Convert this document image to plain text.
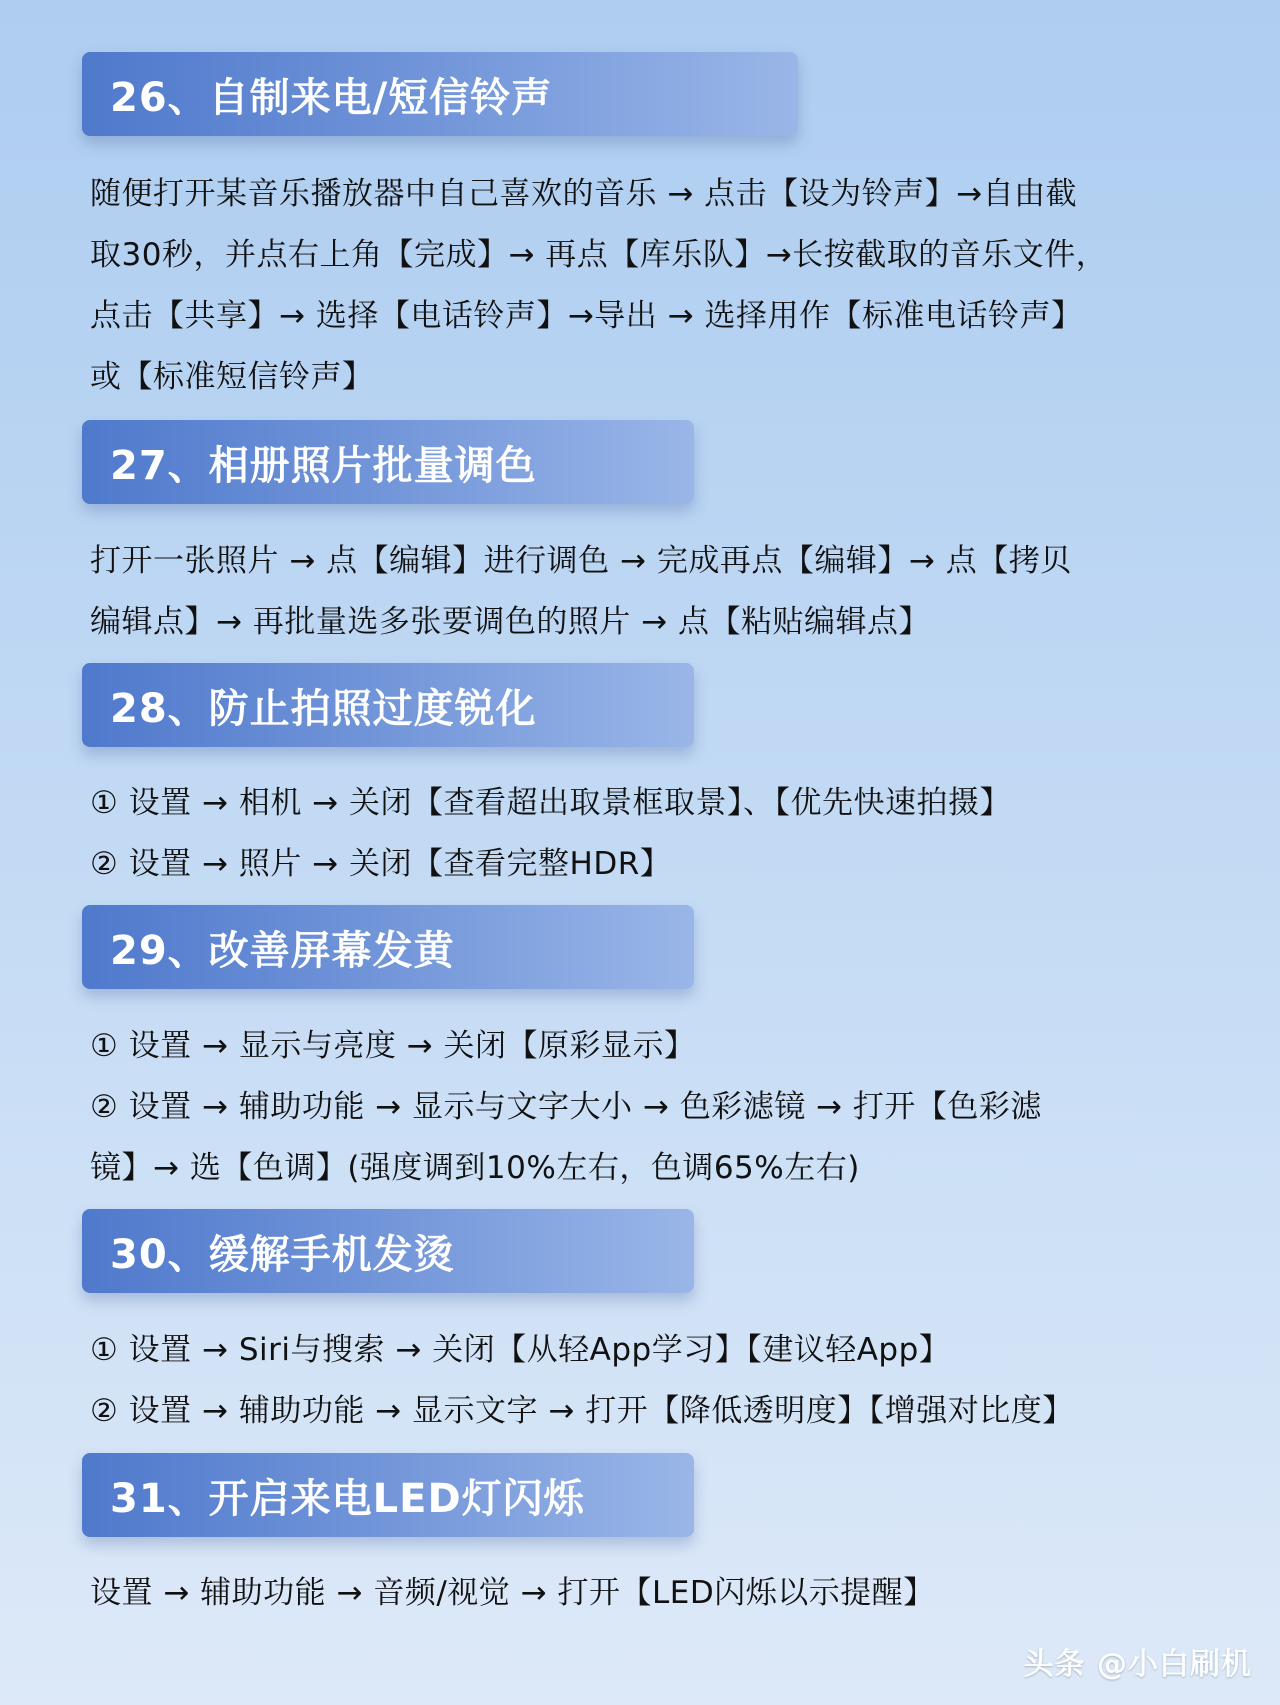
26、自制来电/短信铃声

随便打开某音乐播放器中自己喜欢的音乐 → 点击【设为铃声】→自由截

取30秒，并点右上角【完成】→ 再点【库乐队】→长按截取的音乐文件，

点击【共享】→ 选择【电话铃声】→导出 → 选择用作【标准电话铃声】

或【标准短信铃声】

27、相册照片批量调色

打开一张照片 → 点【编辑】进行调色 → 完成再点【编辑】→ 点【拷贝

编辑点】→ 再批量选多张要调色的照片 → 点【粘贴编辑点】

28、防止拍照过度锐化

① 设置 → 相机 → 关闭【查看超出取景框取景】、【优先快速拍摄】

② 设置 → 照片 → 关闭【查看完整HDR】

29、改善屏幕发黄

① 设置 → 显示与亮度 → 关闭【原彩显示】

② 设置 → 辅助功能 → 显示与文字大小 → 色彩滤镜 → 打开【色彩滤

镜】→ 选【色调】(强度调到10%左右，色调65%左右)

30、缓解手机发烫

① 设置 → Siri与搜索 → 关闭【从轻App学习】【建议轻App】

② 设置 → 辅助功能 → 显示文字 → 打开【降低透明度】【增强对比度】

31、开启来电LED灯闪烁

设置 → 辅助功能 → 音频/视觉 → 打开【LED闪烁以示提醒】

头条 @小白刷机
